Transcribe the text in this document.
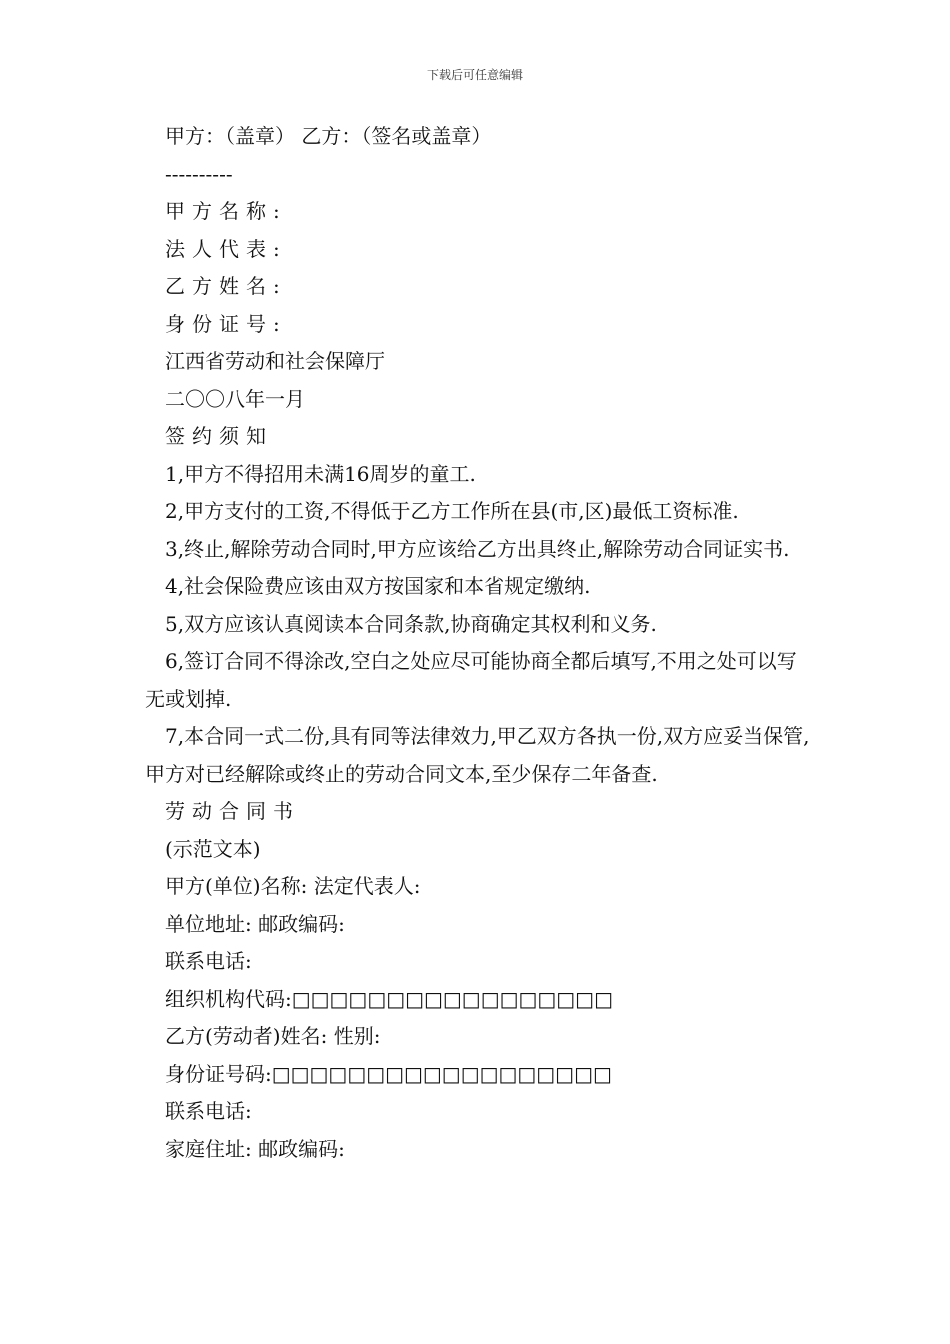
下载后可任意编辑
甲方：（盖章） 乙方：（签名或盖章）
----------
甲方名称:
法人代表:
乙方姓名:
身份证号:
江西省劳动和社会保障厅
二〇〇八年一月
签约须知
1,甲方不得招用未满16周岁的童工.
2,甲方支付的工资,不得低于乙方工作所在县(市,区)最低工资标准.
3,终止,解除劳动合同时,甲方应该给乙方出具终止,解除劳动合同证实书.
4,社会保险费应该由双方按国家和本省规定缴纳.
5,双方应该认真阅读本合同条款,协商确定其权利和义务.
6,签订合同不得涂改,空白之处应尽可能协商全都后填写,不用之处可以写无或划掉.
7,本合同一式二份,具有同等法律效力,甲乙双方各执一份,双方应妥当保管,甲方对已经解除或终止的劳动合同文本,至少保存二年备查.
劳动合同书
(示范文本)
甲方(单位)名称: 法定代表人:
单位地址: 邮政编码:
联系电话:
组织机构代码:□□□□□□□□□□□□□□□□□
乙方(劳动者)姓名: 性别:
身份证号码:□□□□□□□□□□□□□□□□□□
联系电话:
家庭住址: 邮政编码:
